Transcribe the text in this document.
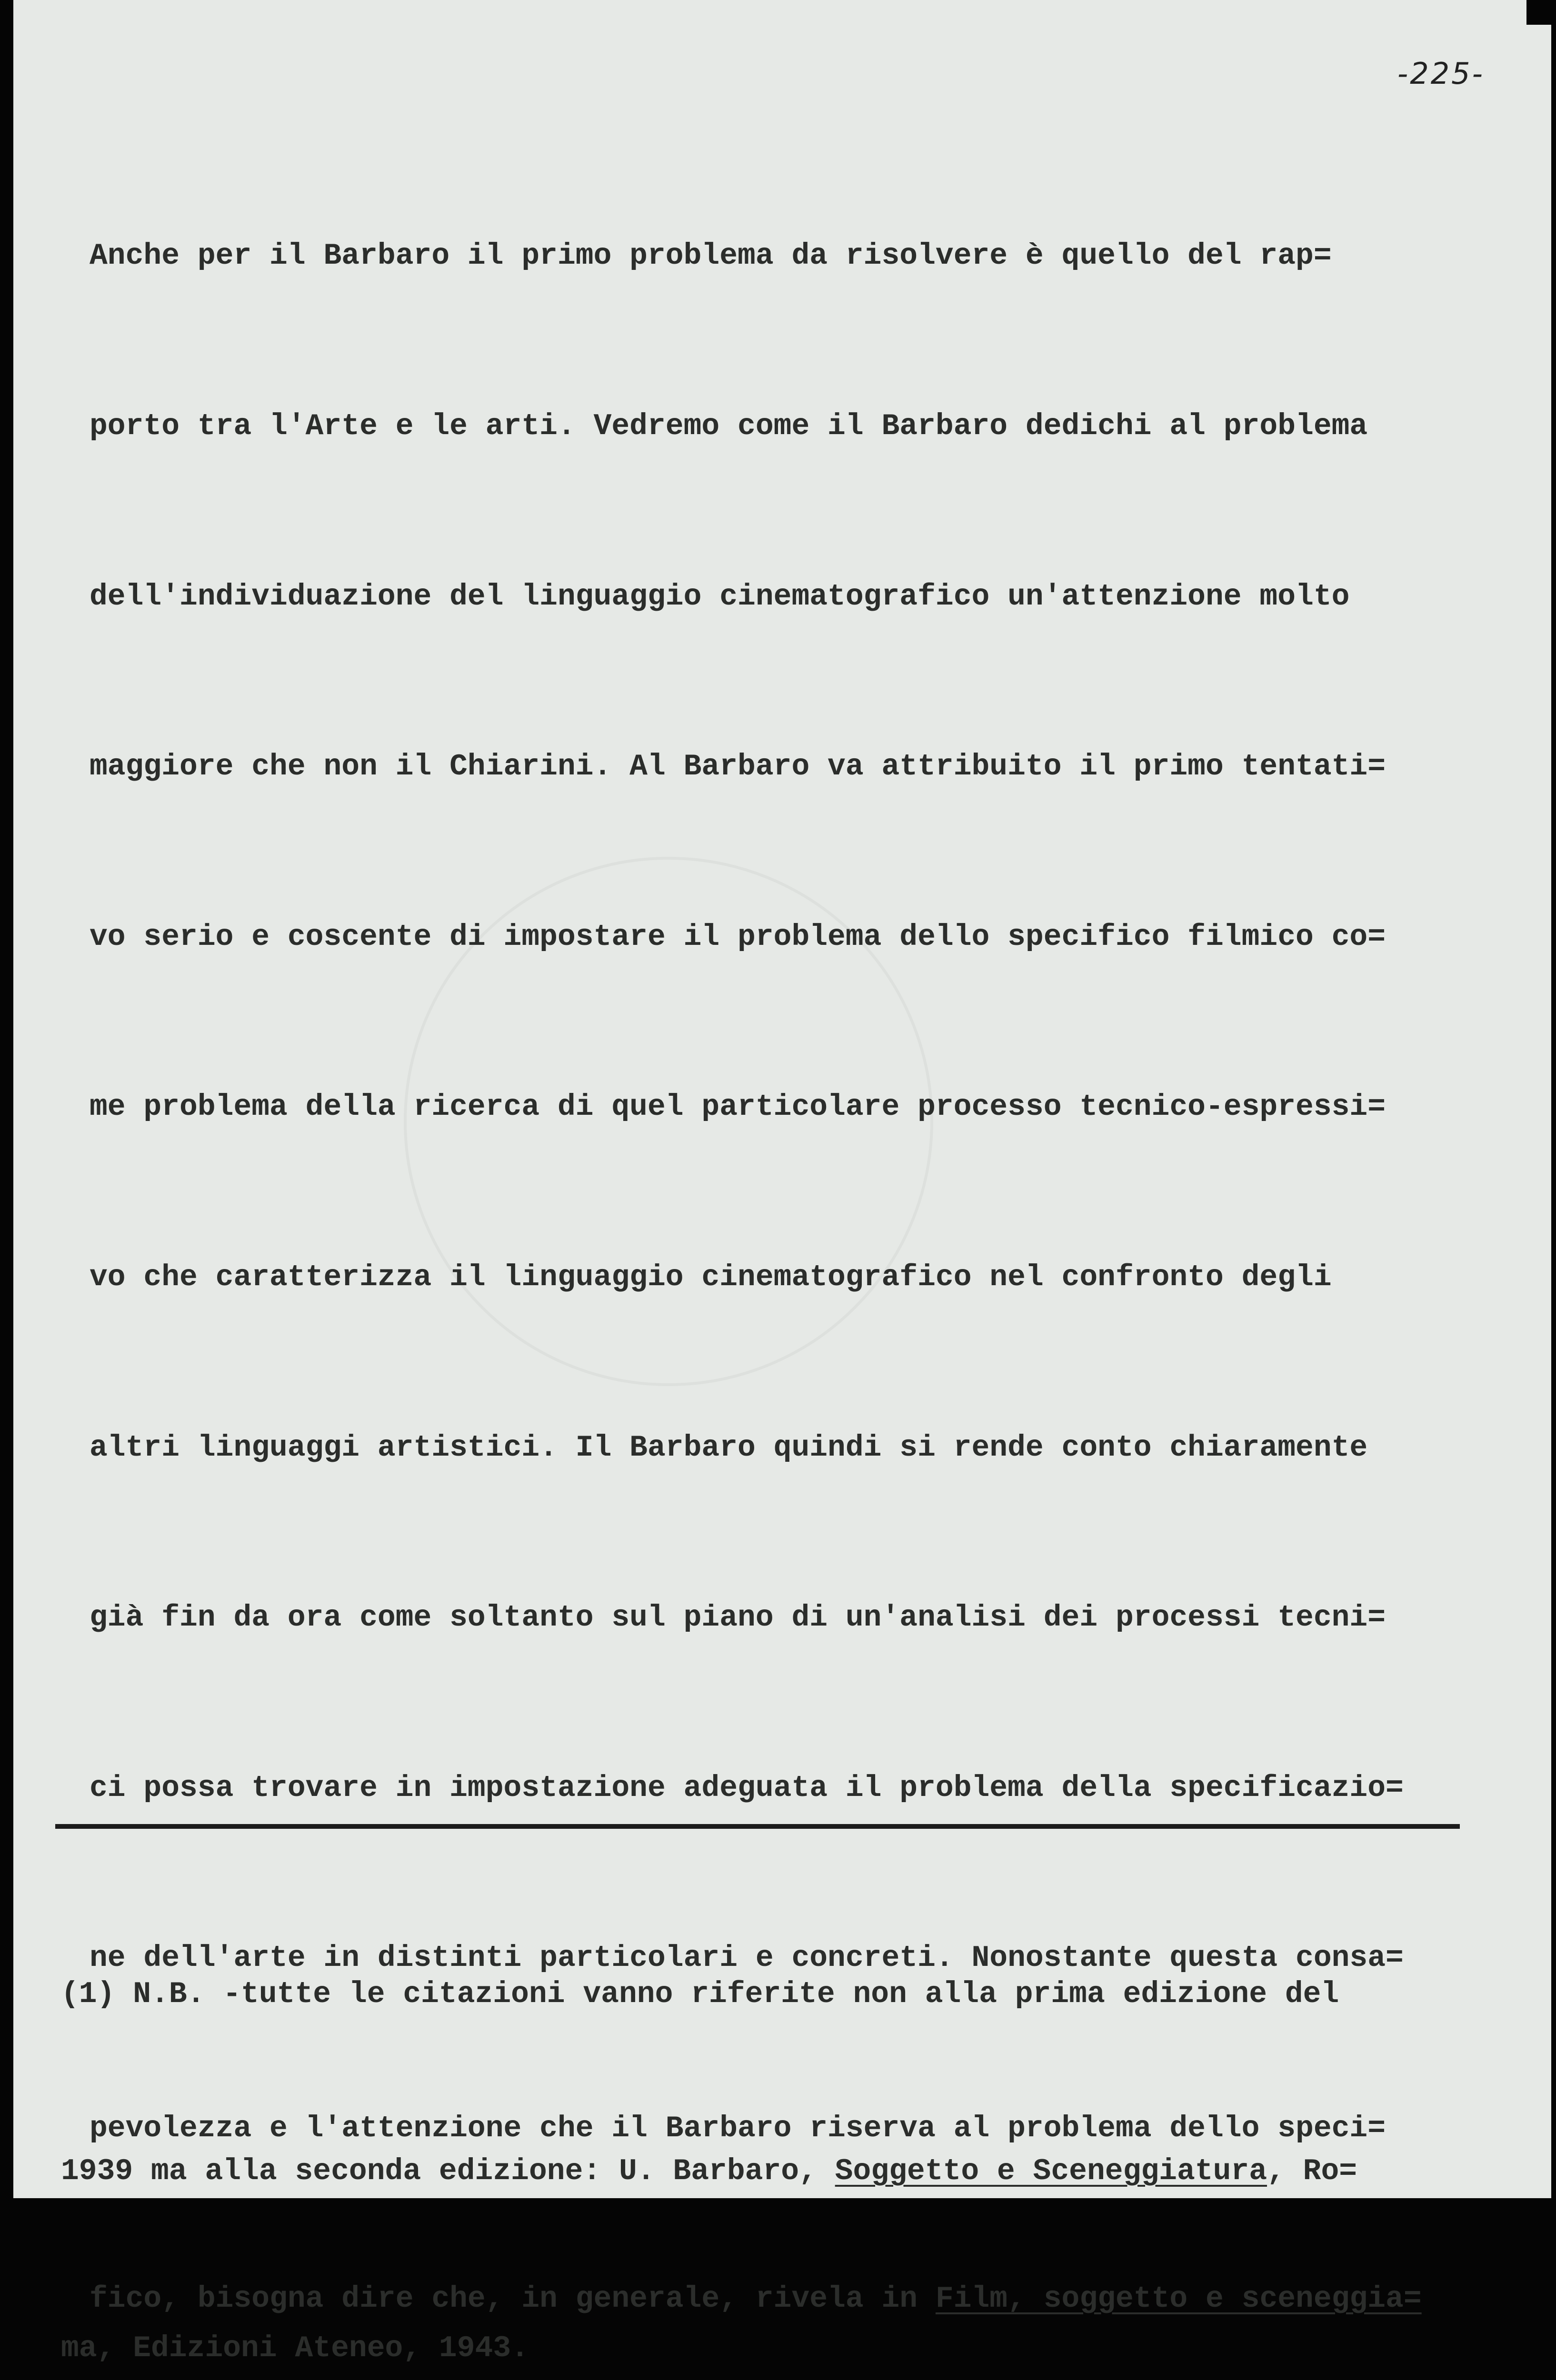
-225-

Anche per il Barbaro il primo problema da risolvere è quello del rap=

porto tra l'Arte e le arti. Vedremo come il Barbaro dedichi al problema

dell'individuazione del linguaggio cinematografico un'attenzione molto

maggiore che non il Chiarini. Al Barbaro va attribuito il primo tentati=

vo serio e coscente di impostare il problema dello specifico filmico co=

me problema della ricerca di quel particolare processo tecnico-espressi=

vo che caratterizza il linguaggio cinematografico nel confronto degli

altri linguaggi artistici. Il Barbaro quindi si rende conto chiaramente

già fin da ora come soltanto sul piano di un'analisi dei processi tecni=

ci possa trovare in impostazione adeguata il problema della specificazio=

ne dell'arte in distinti particolari e concreti. Nonostante questa consa=

pevolezza e l'attenzione che il Barbaro riserva al problema dello speci=

fico, bisogna dire che, in generale, rivela in Film, soggetto e sceneggia=

(1) N.B. -tutte le citazioni vanno riferite non alla prima edizione del

1939 ma alla seconda edizione: U. Barbaro, Soggetto e Sceneggiatura, Ro=

ma, Edizioni Ateneo, 1943.
